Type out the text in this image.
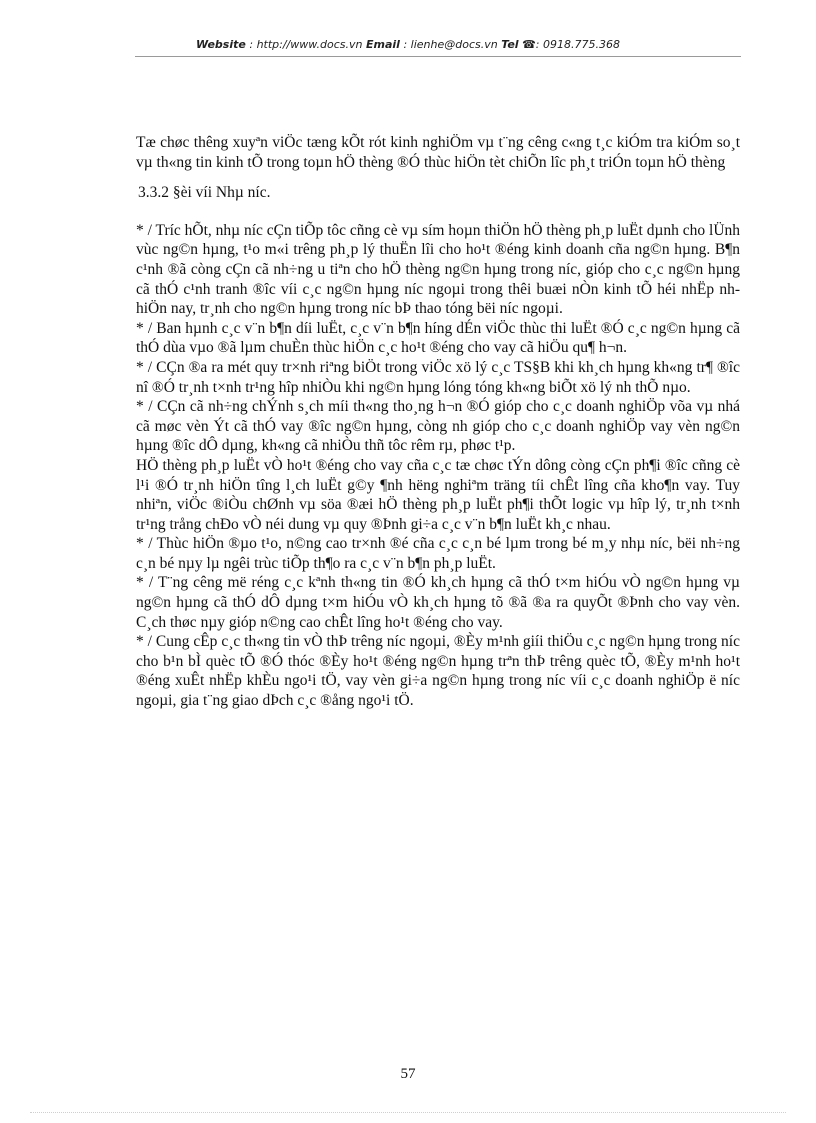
Website : http://www.docs.vn Email : lienhe@docs.vn Tel ☎: 0918.775.368

Tæ chøc thêng xuyªn viÖc tæng kÕt rót kinh nghiÖm vµ t¨ng cêng c«ng t¸c kiÓm tra kiÓm so¸t vµ th«ng tin kinh tÕ trong toµn hÖ thèng ®Ó thùc hiÖn tèt chiÕn lîc ph¸t triÓn toµn hÖ thèng

3.3.2 §èi víi Nhµ níc.

* / Tríc hÕt, nhµ níc cÇn tiÕp tôc cñng cè vµ sím hoµn thiÖn hÖ thèng ph¸p luËt dµnh cho lÜnh vùc ng©n hµng, t¹o m«i trêng ph¸p lý thuËn lîi cho ho¹t ®éng kinh doanh cña ng©n hµng. B¶n c¹nh ®ã còng cÇn cã nh÷ng u tiªn cho hÖ thèng ng©n hµng trong níc, gióp cho c¸c ng©n hµng cã thÓ c¹nh tranh ®îc víi c¸c ng©n hµng níc ngoµi trong thêi buæi nÒn kinh tÕ héi nhËp nh hiÖn nay, tr¸nh cho ng©n hµng trong níc bÞ thao tóng bëi níc ngoµi.

* / Ban hµnh c¸c v¨n b¶n díi luËt, c¸c v¨n b¶n híng dÉn viÖc thùc thi luËt ®Ó c¸c ng©n hµng cã thÓ dùa vµo ®ã lµm chuÈn thùc hiÖn c¸c ho¹t ®éng cho vay cã hiÖu qu¶ h¬n.

* / CÇn ®a ra mét quy tr×nh riªng biÖt trong viÖc xö lý c¸c TS§B khi kh¸ch hµng kh«ng tr¶ ®îc nî ®Ó tr¸nh t×nh tr¹ng hîp nhiÒu khi ng©n hµng lóng tóng kh«ng biÕt xö lý nh thÕ nµo.

* / CÇn cã nh÷ng chÝnh s¸ch míi th«ng tho¸ng h¬n ®Ó gióp cho c¸c doanh nghiÖp võa vµ nhá cã møc vèn Ýt cã thÓ vay ®îc ng©n hµng, còng nh gióp cho c¸c doanh nghiÖp vay vèn ng©n hµng ®îc dÔ dµng, kh«ng cã nhiÒu thñ tôc rêm rµ, phøc t¹p.

HÖ thèng ph¸p luËt vÒ ho¹t ®éng cho vay cña c¸c tæ chøc tÝn dông còng cÇn ph¶i ®îc cñng cè l¹i ®Ó tr¸nh hiÖn tîng l¸ch luËt g©y ¶nh hëng nghiªm träng tíi chÊt lîng cña kho¶n vay. Tuy nhiªn, viÖc ®iÒu chØnh vµ söa ®æi hÖ thèng ph¸p luËt ph¶i thÕt logic vµ hîp lý, tr¸nh t×nh tr¹ng trång chÐo vÒ néi dung vµ quy ®Þnh gi÷a c¸c v¨n b¶n luËt kh¸c nhau.

* / Thùc hiÖn ®µo t¹o, n©ng cao tr×nh ®é cña c¸c c¸n bé lµm trong bé m¸y nhµ níc, bëi nh÷ng c¸n bé nµy lµ ngêi trùc tiÕp th¶o ra c¸c v¨n b¶n ph¸p luËt.

* / T¨ng cêng më réng c¸c kªnh th«ng tin ®Ó kh¸ch hµng cã thÓ t×m hiÓu vÒ ng©n hµng vµ ng©n hµng cã thÓ dÔ dµng t×m hiÓu vÒ kh¸ch hµng tõ ®ã ®a ra quyÕt ®Þnh cho vay vèn. C¸ch thøc nµy gióp n©ng cao chÊt lîng ho¹t ®éng cho vay.

* / Cung cÊp c¸c th«ng tin vÒ thÞ trêng níc ngoµi, ®Èy m¹nh giíi thiÖu c¸c ng©n hµng trong níc cho b¹n bÌ quèc tÕ ®Ó thóc ®Èy ho¹t ®éng ng©n hµng trªn thÞ trêng quèc tÕ, ®Èy m¹nh ho¹t ®éng xuÊt nhËp khÈu ngo¹i tÖ, vay vèn gi÷a ng©n hµng trong níc víi c¸c doanh nghiÖp ë níc ngoµi, gia t¨ng giao dÞch c¸c ®ång ngo¹i tÖ.

57
